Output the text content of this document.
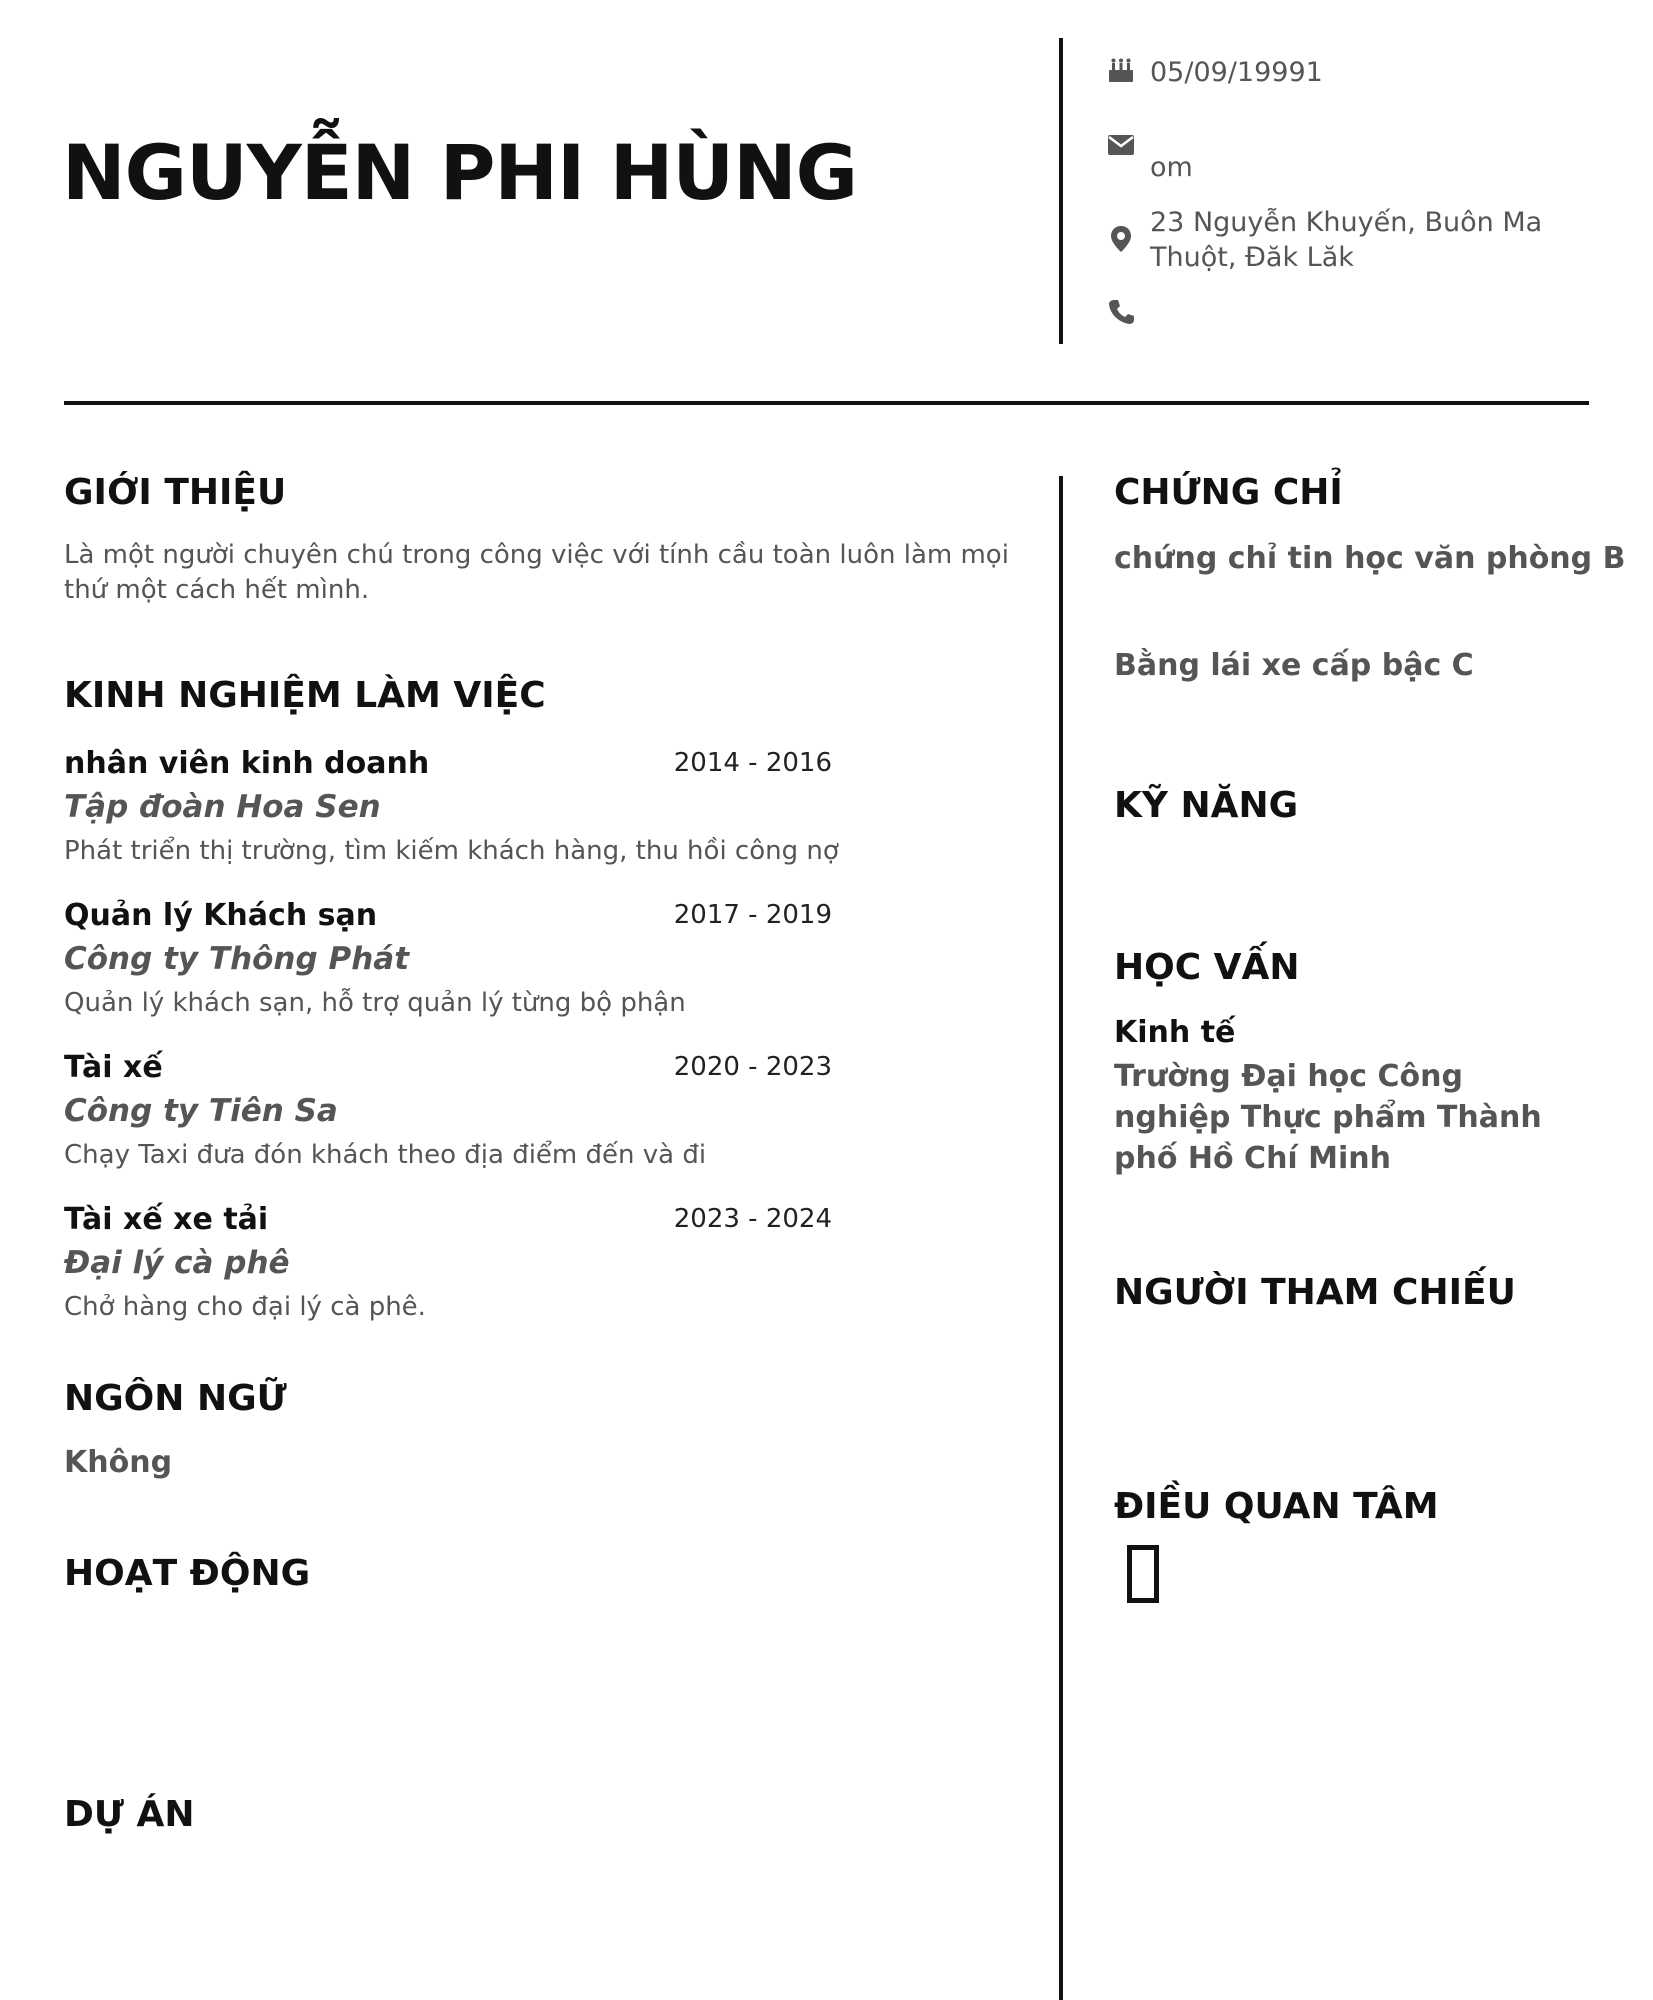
NGUYỄN PHI HÙNG
05/09/19991
om
23 Nguyễn Khuyến, Buôn Ma Thuột, Đăk Lăk
GIỚI THIỆU
Là một người chuyên chú trong công việc với tính cầu toàn luôn làm mọi thứ một cách hết mình.
KINH NGHIỆM LÀM VIỆC
nhân viên kinh doanh	2014 - 2016
Tập đoàn Hoa Sen
Phát triển thị trường, tìm kiếm khách hàng, thu hồi công nợ
Quản lý Khách sạn	2017 - 2019
Công ty Thông Phát
Quản lý khách sạn, hỗ trợ quản lý từng bộ phận
Tài xế	2020 - 2023
Công ty Tiên Sa
Chạy Taxi đưa đón khách theo địa điểm đến và đi
Tài xế xe tải	2023 - 2024
Đại lý cà phê
Chở hàng cho đại lý cà phê.
NGÔN NGỮ
Không
HOẠT ĐỘNG
DỰ ÁN
CHỨNG CHỈ
chứng chỉ tin học văn phòng B
Bằng lái xe cấp bậc C
KỸ NĂNG
HỌC VẤN
Kinh tế
Trường Đại học Công nghiệp Thực phẩm Thành phố Hồ Chí Minh
NGƯỜI THAM CHIẾU
ĐIỀU QUAN TÂM
